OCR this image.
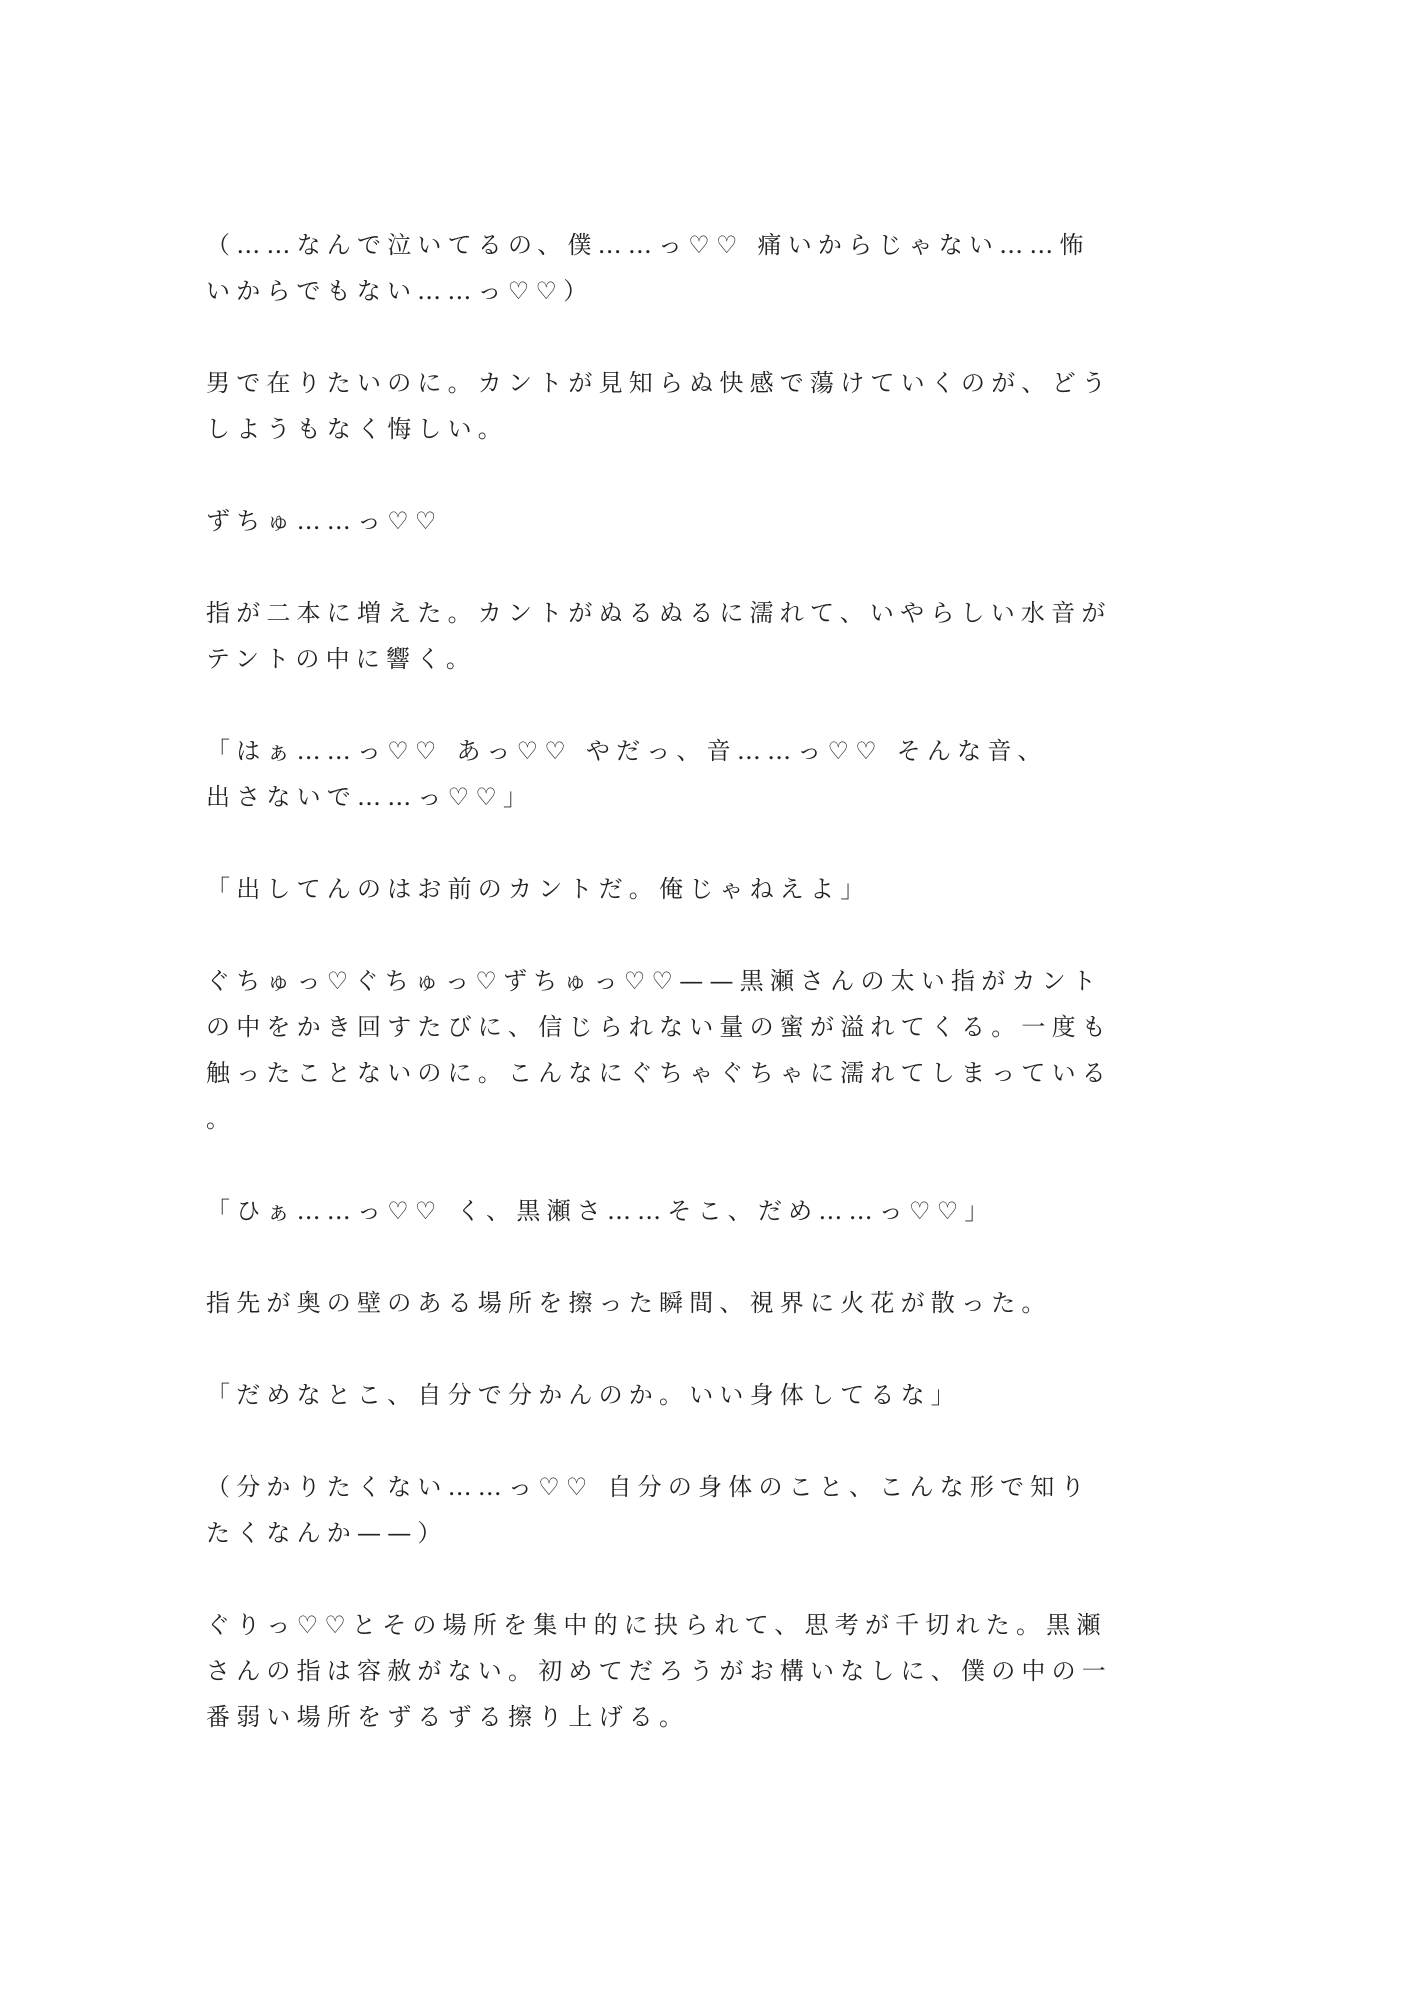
（……なんで泣いてるの、僕……っ♡♡ 痛いからじゃない……怖
いからでもない……っ♡♡）
男で在りたいのに。カントが見知らぬ快感で蕩けていくのが、どう
しようもなく悔しい。
ずちゅ……っ♡♡
指が二本に増えた。カントがぬるぬるに濡れて、いやらしい水音が
テントの中に響く。
「はぁ……っ♡♡ あっ♡♡ やだっ、音……っ♡♡ そんな音、
出さないで……っ♡♡」
「出してんのはお前のカントだ。俺じゃねえよ」
ぐちゅっ♡ぐちゅっ♡ずちゅっ♡♡——黒瀬さんの太い指がカント
の中をかき回すたびに、信じられない量の蜜が溢れてくる。一度も
触ったことないのに。こんなにぐちゃぐちゃに濡れてしまっている
。
「ひぁ……っ♡♡ く、黒瀬さ……そこ、だめ……っ♡♡」
指先が奥の壁のある場所を擦った瞬間、視界に火花が散った。
「だめなとこ、自分で分かんのか。いい身体してるな」
（分かりたくない……っ♡♡ 自分の身体のこと、こんな形で知り
たくなんか——）
ぐりっ♡♡とその場所を集中的に抉られて、思考が千切れた。黒瀬
さんの指は容赦がない。初めてだろうがお構いなしに、僕の中の一
番弱い場所をずるずる擦り上げる。
